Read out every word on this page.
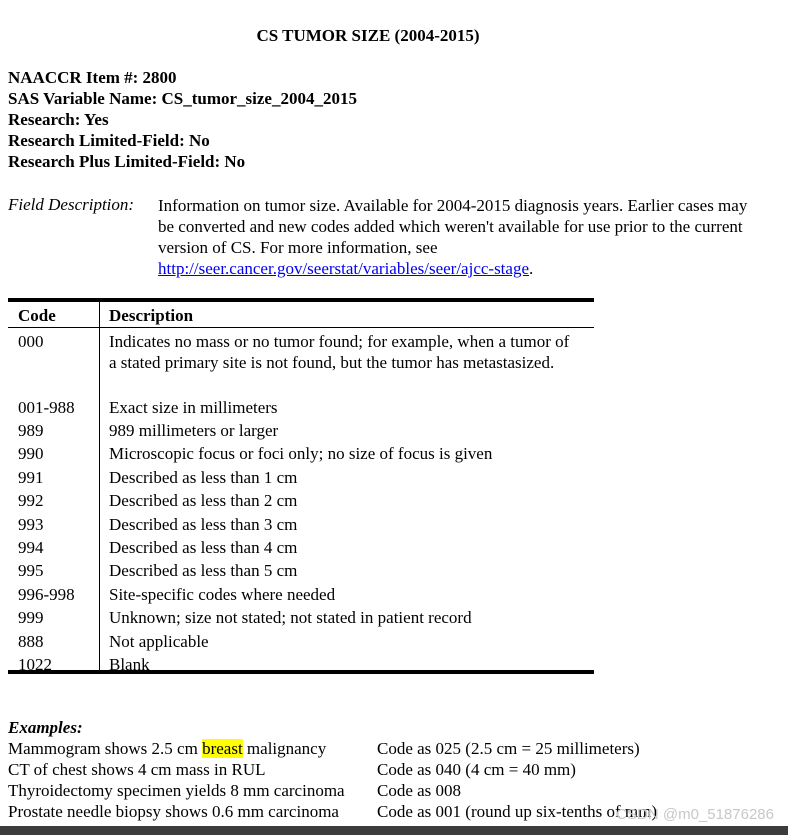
CS TUMOR SIZE (2004-2015)
NAACCR Item #: 2800
SAS Variable Name: CS_tumor_size_2004_2015
Research: Yes
Research Limited-Field: No
Research Plus Limited-Field: No
Field Description: Information on tumor size. Available for 2004-2015 diagnosis years. Earlier cases may be converted and new codes added which weren't available for use prior to the current version of CS. For more information, see http://seer.cancer.gov/seerstat/variables/seer/ajcc-stage.
Code	Description
000	Indicates no mass or no tumor found; for example, when a tumor of a stated primary site is not found, but the tumor has metastasized.
001-988 Exact size in millimeters
989	989 millimeters or larger
990	Microscopic focus or foci only; no size of focus is given
991	Described as less than 1 cm
992	Described as less than 2 cm
993	Described as less than 3 cm
994	Described as less than 4 cm
995	Described as less than 5 cm
996-998 Site-specific codes where needed
999	Unknown; size not stated; not stated in patient record
888	Not applicable
1022	Blank
Examples:
Mammogram shows 2.5 cm breast malignancy	Code as 025 (2.5 cm = 25 millimeters)
CT of chest shows 4 cm mass in RUL	Code as 040 (4 cm = 40 mm)
Thyroidectomy specimen yields 8 mm carcinoma Code as 008
Prostate needle biopsy shows 0.6 mm carcinoma Code as 001 (round up six-tenths of mm)
CSDN @m0_51876286
